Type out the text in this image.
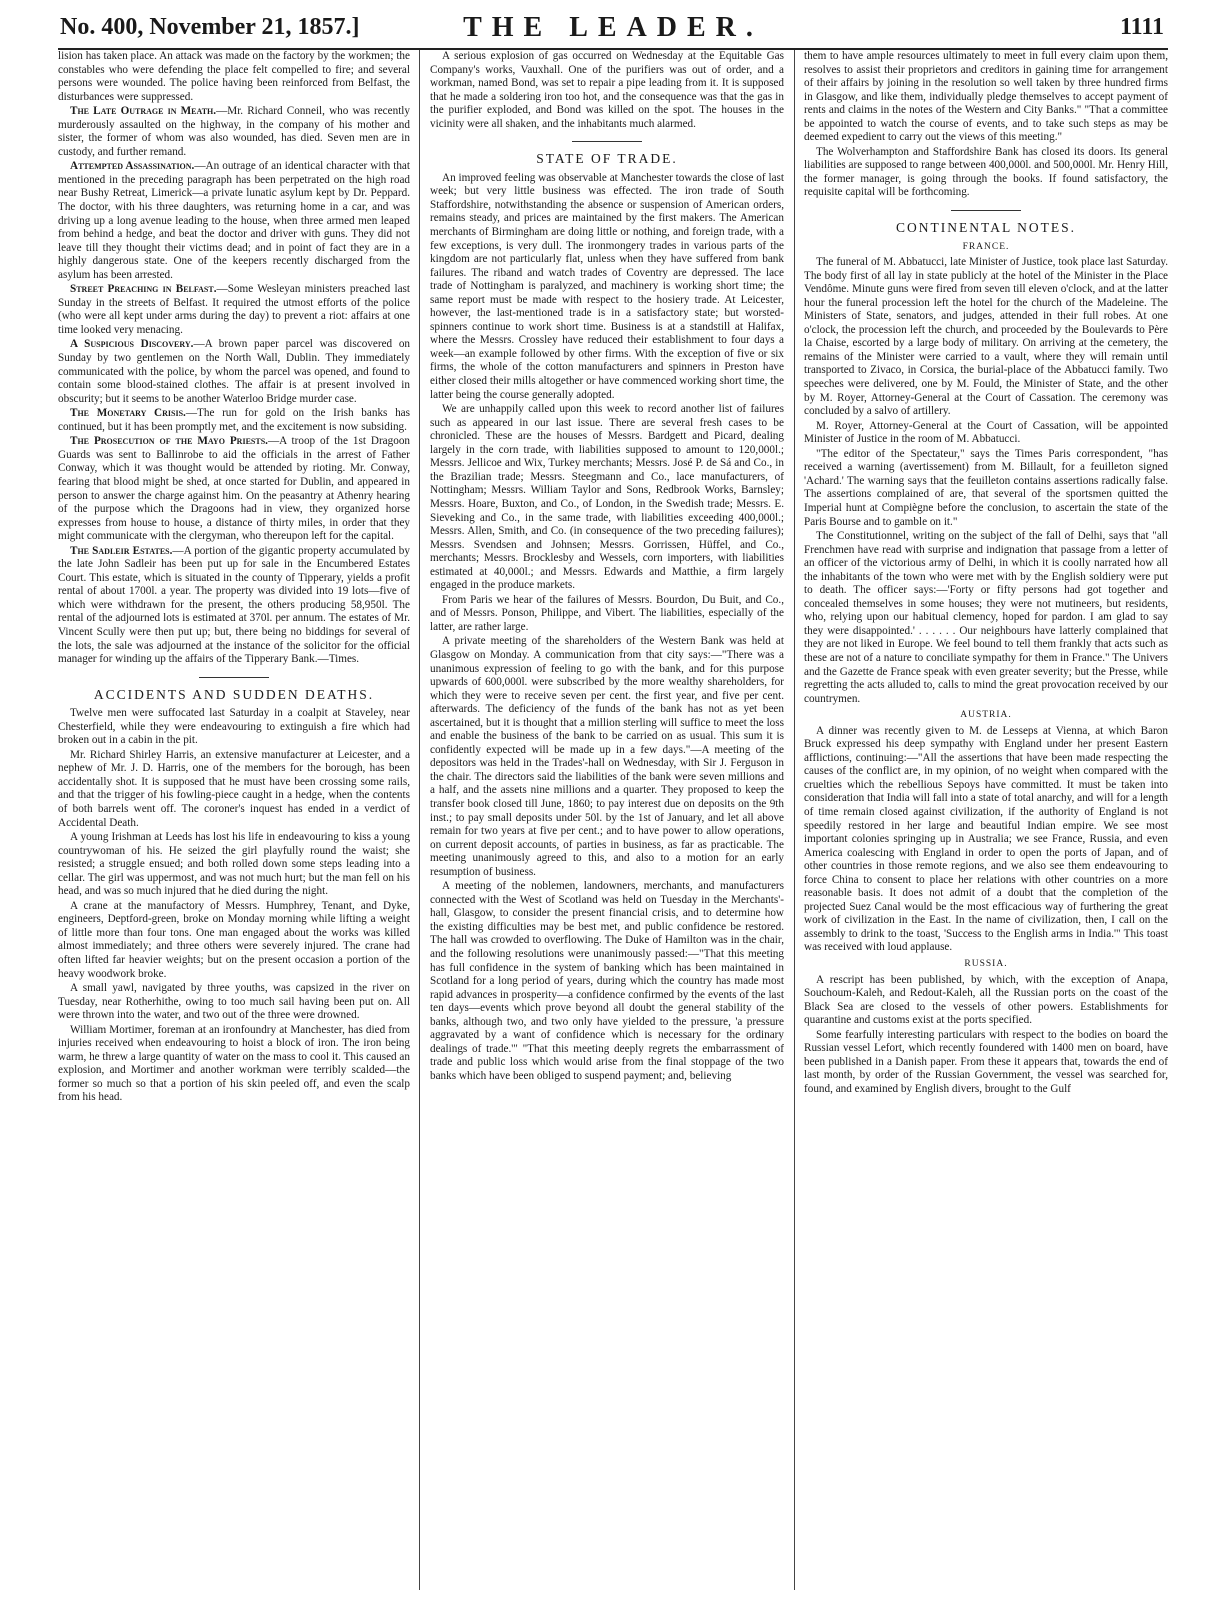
No. 400, November 21, 1857.]	THE LEADER.	1111

lision has taken place. An attack was made on the factory by the workmen; the constables who were defending the place felt compelled to fire; and several persons were wounded. The police having been reinforced from Belfast, the disturbances were suppressed.

The Late Outrage in Meath.—Mr. Richard Conneil, who was recently murderously assaulted on the highway, in the company of his mother and sister, the former of whom was also wounded, has died. Seven men are in custody, and further remand.

Attempted Assassination.—An outrage of an identical character with that mentioned in the preceding paragraph has been perpetrated on the high road near Bushy Retreat, Limerick—a private lunatic asylum kept by Dr. Peppard. The doctor, with his three daughters, was returning home in a car, and was driving up a long avenue leading to the house, when three armed men leaped from behind a hedge, and beat the doctor and driver with guns. They did not leave till they thought their victims dead; and in point of fact they are in a highly dangerous state. One of the keepers recently discharged from the asylum has been arrested.

Street Preaching in Belfast.—Some Wesleyan ministers preached last Sunday in the streets of Belfast. It required the utmost efforts of the police (who were all kept under arms during the day) to prevent a riot: affairs at one time looked very menacing.

A Suspicious Discovery.—A brown paper parcel was discovered on Sunday by two gentlemen on the North Wall, Dublin. They immediately communicated with the police, by whom the parcel was opened, and found to contain some blood-stained clothes. The affair is at present involved in obscurity; but it seems to be another Waterloo Bridge murder case.

The Monetary Crisis.—The run for gold on the Irish banks has continued, but it has been promptly met, and the excitement is now subsiding.

The Prosecution of the Mayo Priests.—A troop of the 1st Dragoon Guards was sent to Ballinrobe to aid the officials in the arrest of Father Conway, which it was thought would be attended by rioting. Mr. Conway, fearing that blood might be shed, at once started for Dublin, and appeared in person to answer the charge against him. On the peasantry at Athenry hearing of the purpose which the Dragoons had in view, they organized horse expresses from house to house, a distance of thirty miles, in order that they might communicate with the clergyman, who thereupon left for the capital.

The Sadleir Estates.—A portion of the gigantic property accumulated by the late John Sadleir has been put up for sale in the Encumbered Estates Court. This estate, which is situated in the county of Tipperary, yields a profit rental of about 1700l. a year. The property was divided into 19 lots—five of which were withdrawn for the present, the others producing 58,950l. The rental of the adjourned lots is estimated at 370l. per annum. The estates of Mr. Vincent Scully were then put up; but, there being no biddings for several of the lots, the sale was adjourned at the instance of the solicitor for the official manager for winding up the affairs of the Tipperary Bank.—Times.

ACCIDENTS AND SUDDEN DEATHS.

Twelve men were suffocated last Saturday in a coalpit at Staveley, near Chesterfield, while they were endeavouring to extinguish a fire which had broken out in a cabin in the pit.

Mr. Richard Shirley Harris, an extensive manufacturer at Leicester, and a nephew of Mr. J. D. Harris, one of the members for the borough, has been accidentally shot. It is supposed that he must have been crossing some rails, and that the trigger of his fowling-piece caught in a hedge, when the contents of both barrels went off. The coroner's inquest has ended in a verdict of Accidental Death.

A young Irishman at Leeds has lost his life in endeavouring to kiss a young countrywoman of his. He seized the girl playfully round the waist; she resisted; a struggle ensued; and both rolled down some steps leading into a cellar. The girl was uppermost, and was not much hurt; but the man fell on his head, and was so much injured that he died during the night.

A crane at the manufactory of Messrs. Humphrey, Tenant, and Dyke, engineers, Deptford-green, broke on Monday morning while lifting a weight of little more than four tons. One man engaged about the works was killed almost immediately; and three others were severely injured. The crane had often lifted far heavier weights; but on the present occasion a portion of the heavy woodwork broke.

A small yawl, navigated by three youths, was capsized in the river on Tuesday, near Rotherhithe, owing to too much sail having been put on. All were thrown into the water, and two out of the three were drowned.

William Mortimer, foreman at an ironfoundry at Manchester, has died from injuries received when endeavouring to hoist a block of iron. The iron being warm, he threw a large quantity of water on the mass to cool it. This caused an explosion, and Mortimer and another workman were terribly scalded—the former so much so that a portion of his skin peeled off, and even the scalp from his head.

A serious explosion of gas occurred on Wednesday at the Equitable Gas Company's works, Vauxhall. One of the purifiers was out of order, and a workman, named Bond, was set to repair a pipe leading from it. It is supposed that he made a soldering iron too hot, and the consequence was that the gas in the purifier exploded, and Bond was killed on the spot. The houses in the vicinity were all shaken, and the inhabitants much alarmed.

STATE OF TRADE.

An improved feeling was observable at Manchester towards the close of last week; but very little business was effected. The iron trade of South Staffordshire, notwithstanding the absence or suspension of American orders, remains steady, and prices are maintained by the first makers. The American merchants of Birmingham are doing little or nothing, and foreign trade, with a few exceptions, is very dull. The ironmongery trades in various parts of the kingdom are not particularly flat, unless when they have suffered from bank failures. The riband and watch trades of Coventry are depressed. The lace trade of Nottingham is paralyzed, and machinery is working short time; the same report must be made with respect to the hosiery trade. At Leicester, however, the last-mentioned trade is in a satisfactory state; but worsted-spinners continue to work short time. Business is at a standstill at Halifax, where the Messrs. Crossley have reduced their establishment to four days a week—an example followed by other firms. With the exception of five or six firms, the whole of the cotton manufacturers and spinners in Preston have either closed their mills altogether or have commenced working short time, the latter being the course generally adopted.

We are unhappily called upon this week to record another list of failures such as appeared in our last issue. There are several fresh cases to be chronicled. These are the houses of Messrs. Bardgett and Picard, dealing largely in the corn trade, with liabilities supposed to amount to 120,000l.; Messrs. Jellicoe and Wix, Turkey merchants; Messrs. José P. de Sá and Co., in the Brazilian trade; Messrs. Steegmann and Co., lace manufacturers, of Nottingham; Messrs. William Taylor and Sons, Redbrook Works, Barnsley; Messrs. Hoare, Buxton, and Co., of London, in the Swedish trade; Messrs. E. Sieveking and Co., in the same trade, with liabilities exceeding 400,000l.; Messrs. Allen, Smith, and Co. (in consequence of the two preceding failures); Messrs. Svendsen and Johnsen; Messrs. Gorrissen, Hüffel, and Co., merchants; Messrs. Brocklesby and Wessels, corn importers, with liabilities estimated at 40,000l.; and Messrs. Edwards and Matthie, a firm largely engaged in the produce markets.

From Paris we hear of the failures of Messrs. Bourdon, Du Buit, and Co., and of Messrs. Ponson, Philippe, and Vibert. The liabilities, especially of the latter, are rather large.

A private meeting of the shareholders of the Western Bank was held at Glasgow on Monday. A communication from that city says:—"There was a unanimous expression of feeling to go with the bank, and for this purpose upwards of 600,000l. were subscribed by the more wealthy shareholders, for which they were to receive seven per cent. the first year, and five per cent. afterwards. The deficiency of the funds of the bank has not as yet been ascertained, but it is thought that a million sterling will suffice to meet the loss and enable the business of the bank to be carried on as usual. This sum it is confidently expected will be made up in a few days."—A meeting of the depositors was held in the Trades'-hall on Wednesday, with Sir J. Ferguson in the chair. The directors said the liabilities of the bank were seven millions and a half, and the assets nine millions and a quarter. They proposed to keep the transfer book closed till June, 1860; to pay interest due on deposits on the 9th inst.; to pay small deposits under 50l. by the 1st of January, and let all above remain for two years at five per cent.; and to have power to allow operations, on current deposit accounts, of parties in business, as far as practicable. The meeting unanimously agreed to this, and also to a motion for an early resumption of business.

A meeting of the noblemen, landowners, merchants, and manufacturers connected with the West of Scotland was held on Tuesday in the Merchants'-hall, Glasgow, to consider the present financial crisis, and to determine how the existing difficulties may be best met, and public confidence be restored. The hall was crowded to overflowing. The Duke of Hamilton was in the chair, and the following resolutions were unanimously passed:—"That this meeting has full confidence in the system of banking which has been maintained in Scotland for a long period of years, during which the country has made most rapid advances in prosperity—a confidence confirmed by the events of the last ten days—events which prove beyond all doubt the general stability of the banks, although two, and two only have yielded to the pressure, 'a pressure aggravated by a want of confidence which is necessary for the ordinary dealings of trade.'" "That this meeting deeply regrets the embarrassment of trade and public loss which would arise from the final stoppage of the two banks which have been obliged to suspend payment; and, believing

them to have ample resources ultimately to meet in full every claim upon them, resolves to assist their proprietors and creditors in gaining time for arrangement of their affairs by joining in the resolution so well taken by three hundred firms in Glasgow, and like them, individually pledge themselves to accept payment of rents and claims in the notes of the Western and City Banks." "That a committee be appointed to watch the course of events, and to take such steps as may be deemed expedient to carry out the views of this meeting."

The Wolverhampton and Staffordshire Bank has closed its doors. Its general liabilities are supposed to range between 400,000l. and 500,000l. Mr. Henry Hill, the former manager, is going through the books. If found satisfactory, the requisite capital will be forthcoming.

CONTINENTAL NOTES.
FRANCE.

The funeral of M. Abbatucci, late Minister of Justice, took place last Saturday. The body first of all lay in state publicly at the hotel of the Minister in the Place Vendôme. Minute guns were fired from seven till eleven o'clock, and at the latter hour the funeral procession left the hotel for the church of the Madeleine. The Ministers of State, senators, and judges, attended in their full robes. At one o'clock, the procession left the church, and proceeded by the Boulevards to Père la Chaise, escorted by a large body of military. On arriving at the cemetery, the remains of the Minister were carried to a vault, where they will remain until transported to Zivaco, in Corsica, the burial-place of the Abbatucci family. Two speeches were delivered, one by M. Fould, the Minister of State, and the other by M. Royer, Attorney-General at the Court of Cassation. The ceremony was concluded by a salvo of artillery.

M. Royer, Attorney-General at the Court of Cassation, will be appointed Minister of Justice in the room of M. Abbatucci.

"The editor of the Spectateur," says the Times Paris correspondent, "has received a warning (avertissement) from M. Billault, for a feuilleton signed 'Achard.' The warning says that the feuilleton contains assertions radically false. The assertions complained of are, that several of the sportsmen quitted the Imperial hunt at Compiègne before the conclusion, to ascertain the state of the Paris Bourse and to gamble on it."

The Constitutionnel, writing on the subject of the fall of Delhi, says that "all Frenchmen have read with surprise and indignation that passage from a letter of an officer of the victorious army of Delhi, in which it is coolly narrated how all the inhabitants of the town who were met with by the English soldiery were put to death. The officer says:—'Forty or fifty persons had got together and concealed themselves in some houses; they were not mutineers, but residents, who, relying upon our habitual clemency, hoped for pardon. I am glad to say they were disappointed.' . . . . . . Our neighbours have latterly complained that they are not liked in Europe. We feel bound to tell them frankly that acts such as these are not of a nature to conciliate sympathy for them in France." The Univers and the Gazette de France speak with even greater severity; but the Presse, while regretting the acts alluded to, calls to mind the great provocation received by our countrymen.

AUSTRIA.

A dinner was recently given to M. de Lesseps at Vienna, at which Baron Bruck expressed his deep sympathy with England under her present Eastern afflictions, continuing:—"All the assertions that have been made respecting the causes of the conflict are, in my opinion, of no weight when compared with the cruelties which the rebellious Sepoys have committed. It must be taken into consideration that India will fall into a state of total anarchy, and will for a length of time remain closed against civilization, if the authority of England is not speedily restored in her large and beautiful Indian empire. We see most important colonies springing up in Australia; we see France, Russia, and even America coalescing with England in order to open the ports of Japan, and of other countries in those remote regions, and we also see them endeavouring to force China to consent to place her relations with other countries on a more reasonable basis. It does not admit of a doubt that the completion of the projected Suez Canal would be the most efficacious way of furthering the great work of civilization in the East. In the name of civilization, then, I call on the assembly to drink to the toast, 'Success to the English arms in India.'" This toast was received with loud applause.

RUSSIA.

A rescript has been published, by which, with the exception of Anapa, Souchoum-Kaleh, and Redout-Kaleh, all the Russian ports on the coast of the Black Sea are closed to the vessels of other powers. Establishments for quarantine and customs exist at the ports specified.

Some fearfully interesting particulars with respect to the bodies on board the Russian vessel Lefort, which recently foundered with 1400 men on board, have been published in a Danish paper. From these it appears that, towards the end of last month, by order of the Russian Government, the vessel was searched for, found, and examined by English divers, brought to the Gulf
